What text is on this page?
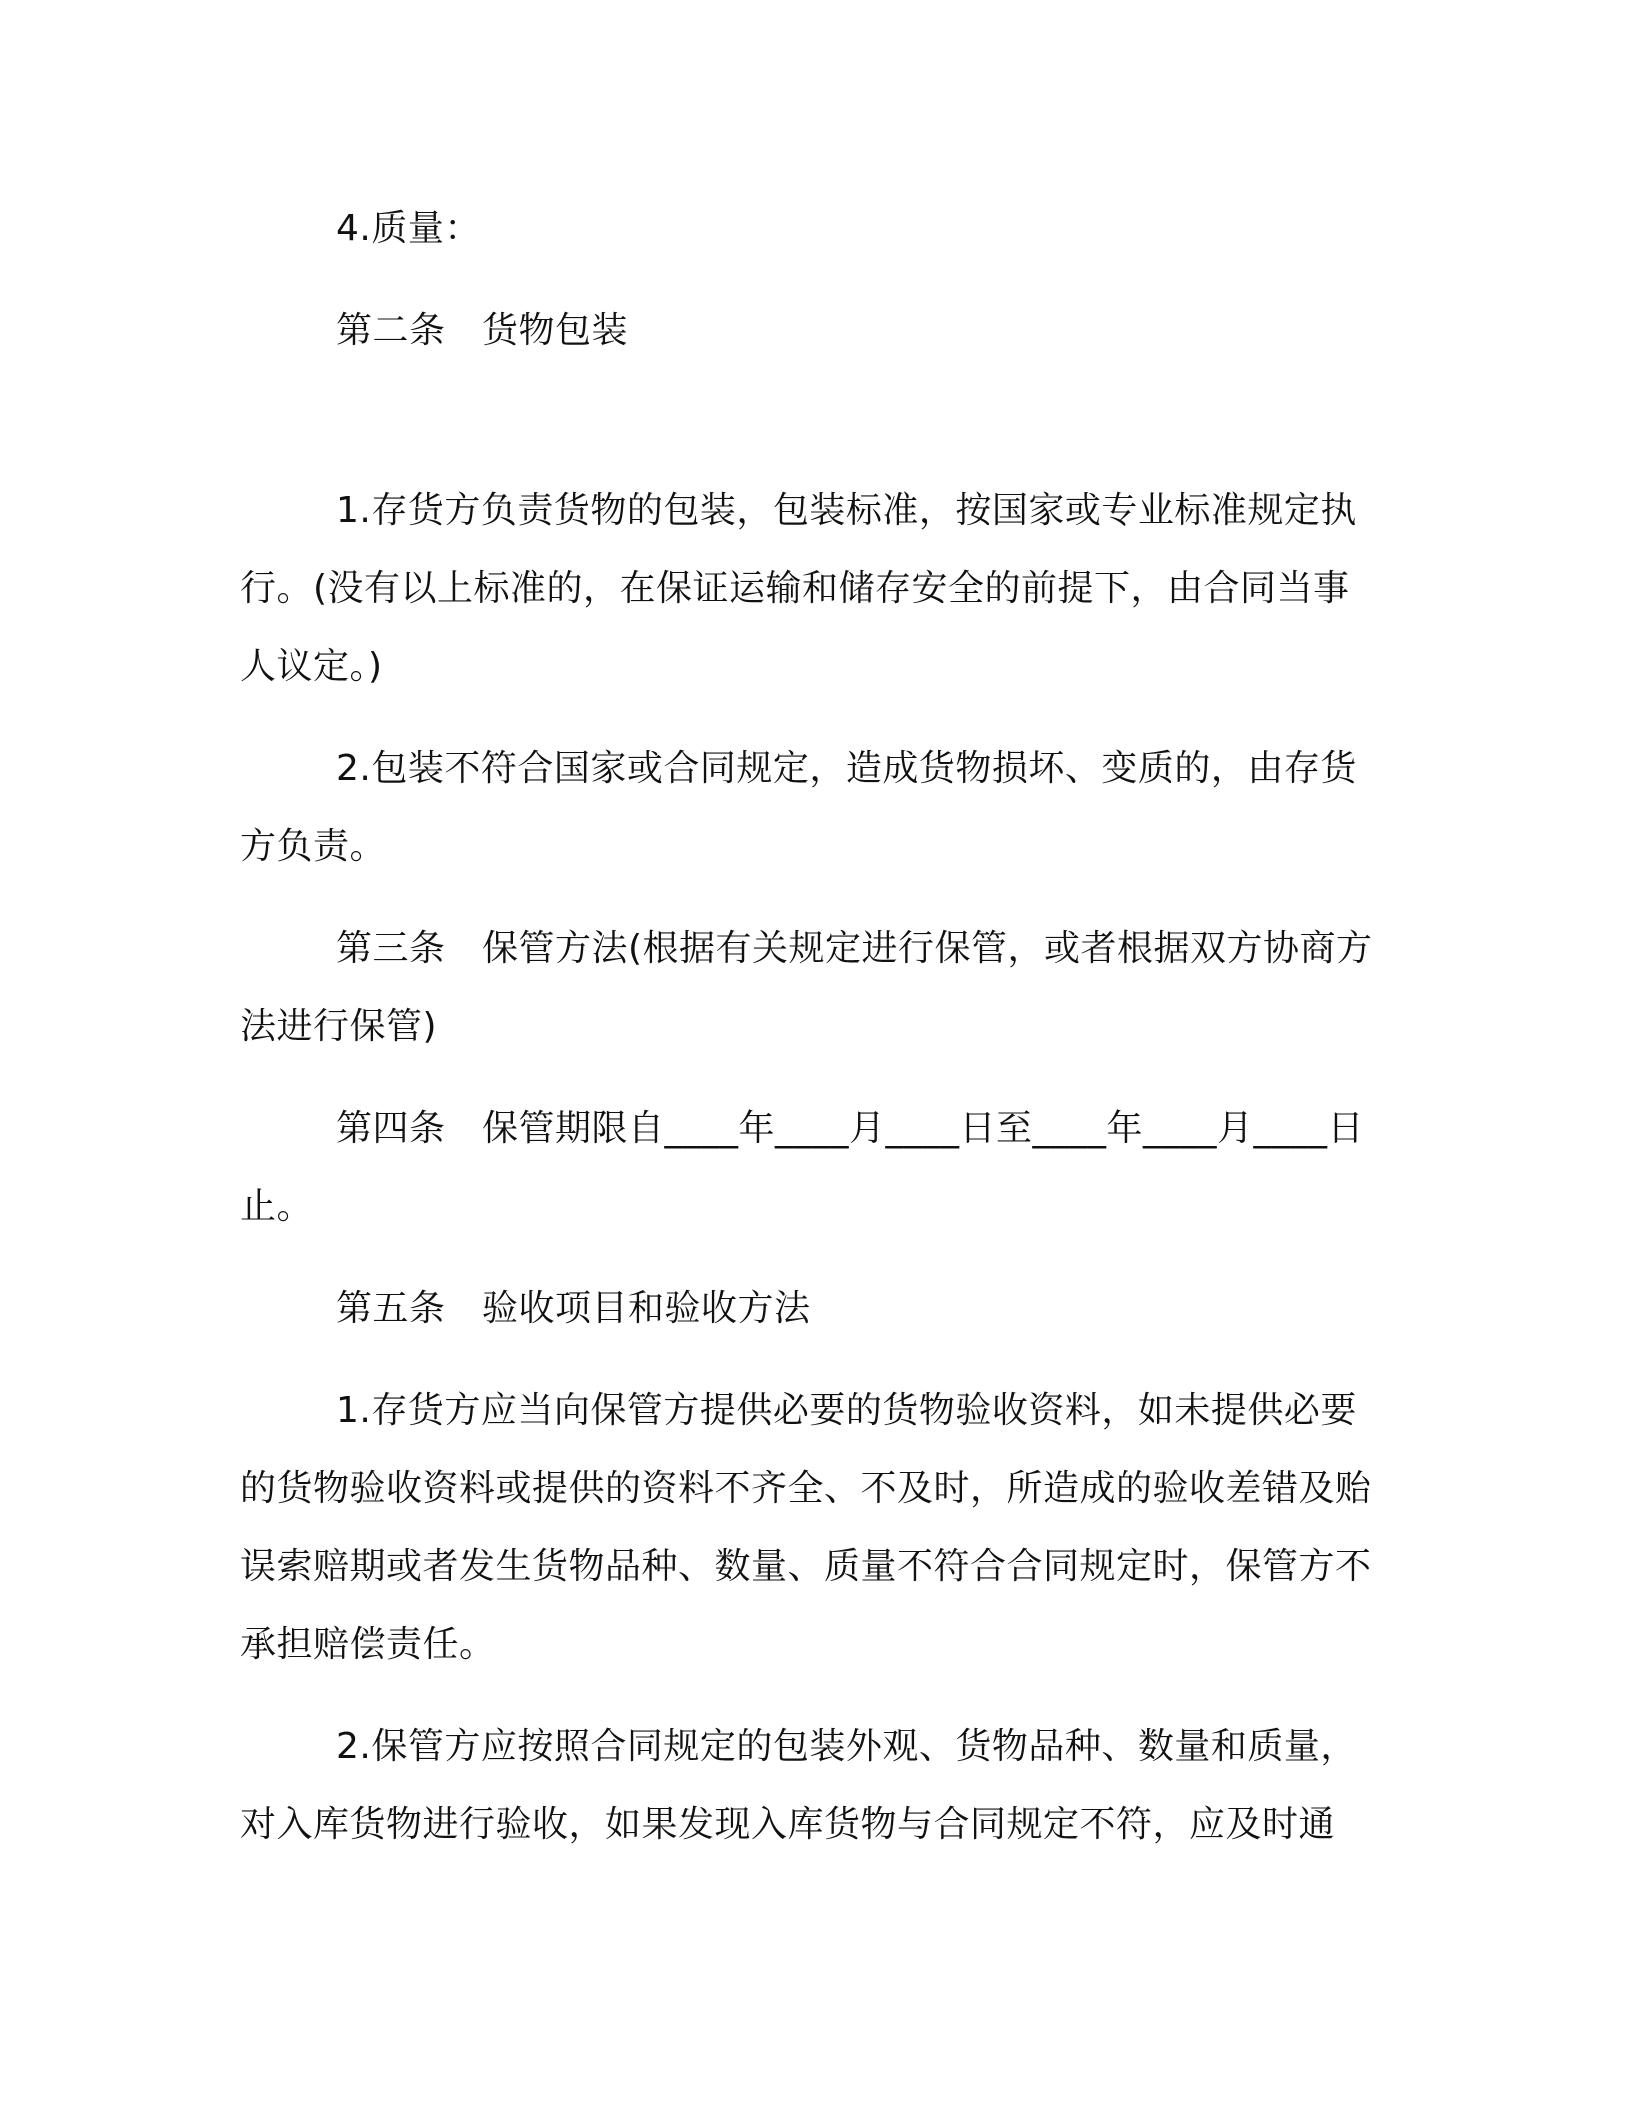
4.质量：

第二条　货物包装

1.存货方负责货物的包装，包装标准，按国家或专业标准规定执行。(没有以上标准的，在保证运输和储存安全的前提下，由合同当事人议定。)

2.包装不符合国家或合同规定，造成货物损坏、变质的，由存货方负责。

第三条　保管方法(根据有关规定进行保管，或者根据双方协商方法进行保管)

第四条　保管期限自____年____月____日至____年____月____日止。

第五条　验收项目和验收方法

1.存货方应当向保管方提供必要的货物验收资料，如未提供必要的货物验收资料或提供的资料不齐全、不及时，所造成的验收差错及贻误索赔期或者发生货物品种、数量、质量不符合合同规定时，保管方不承担赔偿责任。

2.保管方应按照合同规定的包装外观、货物品种、数量和质量，对入库货物进行验收，如果发现入库货物与合同规定不符，应及时通
